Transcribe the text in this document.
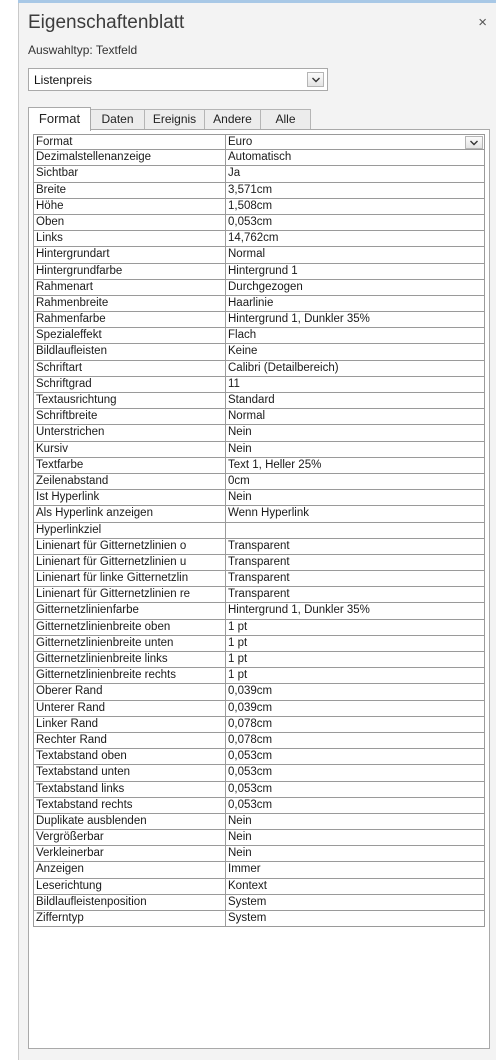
Eigenschaftenblatt	×
Auswahltyp: Textfeld
Listenpreis
Format	Daten	Ereignis	Andere	Alle
Format	Euro
Dezimalstellenanzeige	Automatisch
Sichtbar	Ja
Breite	3,571cm
Höhe	1,508cm
Oben	0,053cm
Links	14,762cm
Hintergrundart	Normal
Hintergrundfarbe	Hintergrund 1
Rahmenart	Durchgezogen
Rahmenbreite	Haarlinie
Rahmenfarbe	Hintergrund 1, Dunkler 35%
Spezialeffekt	Flach
Bildlaufleisten	Keine
Schriftart	Calibri (Detailbereich)
Schriftgrad	11
Textausrichtung	Standard
Schriftbreite	Normal
Unterstrichen	Nein
Kursiv	Nein
Textfarbe	Text 1, Heller 25%
Zeilenabstand	0cm
Ist Hyperlink	Nein
Als Hyperlink anzeigen	Wenn Hyperlink
Hyperlinkziel
Linienart für Gitternetzlinien o	Transparent
Linienart für Gitternetzlinien u	Transparent
Linienart für linke Gitternetzlin	Transparent
Linienart für Gitternetzlinien re	Transparent
Gitternetzlinienfarbe	Hintergrund 1, Dunkler 35%
Gitternetzlinienbreite oben	1 pt
Gitternetzlinienbreite unten	1 pt
Gitternetzlinienbreite links	1 pt
Gitternetzlinienbreite rechts	1 pt
Oberer Rand	0,039cm
Unterer Rand	0,039cm
Linker Rand	0,078cm
Rechter Rand	0,078cm
Textabstand oben	0,053cm
Textabstand unten	0,053cm
Textabstand links	0,053cm
Textabstand rechts	0,053cm
Duplikate ausblenden	Nein
Vergrößerbar	Nein
Verkleinerbar	Nein
Anzeigen	Immer
Leserichtung	Kontext
Bildlaufleistenposition	System
Zifferntyp	System
